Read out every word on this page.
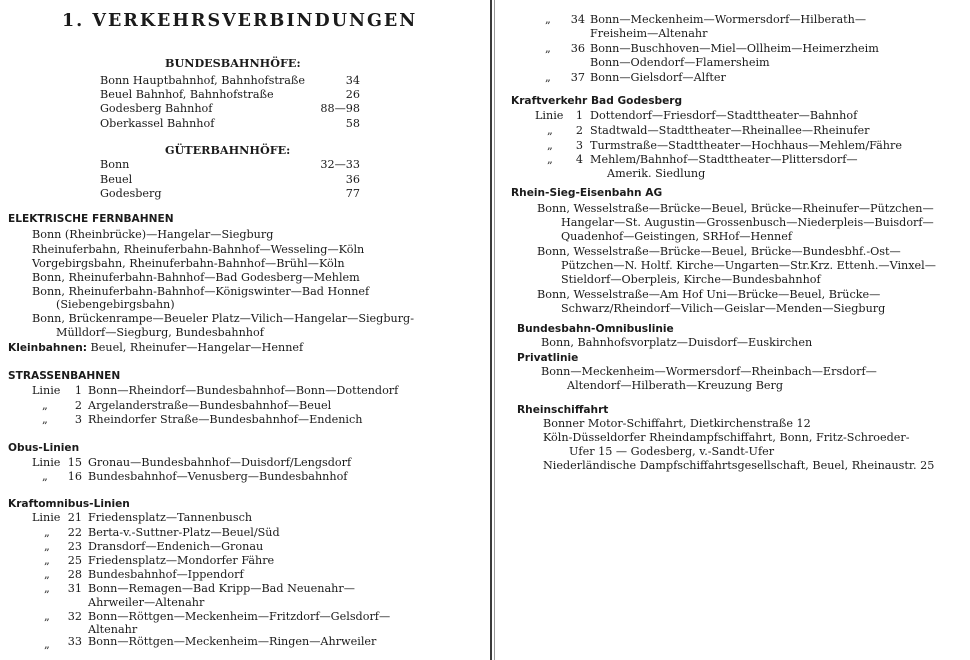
1. VERKEHRSVERBINDUNGEN
BUNDESBAHNHÖFE:
Bonn Hauptbahnhof, Bahnhofstraße	34
Beuel Bahnhof, Bahnhofstraße	26
Godesberg Bahnhof	88—98
Oberkassel Bahnhof	58
GÜTERBAHNHÖFE:
Bonn	32—33
Beuel	36
Godesberg	77
ELEKTRISCHE FERNBAHNEN
Bonn (Rheinbrücke)—Hangelar—Siegburg
Rheinuferbahn, Rheinuferbahn-Bahnhof—Wesseling—Köln
Vorgebirgsbahn, Rheinuferbahn-Bahnhof—Brühl—Köln
Bonn, Rheinuferbahn-Bahnhof—Bad Godesberg—Mehlem
Bonn, Rheinuferbahn-Bahnhof—Königswinter—Bad Honnef
(Siebengebirgsbahn)
Bonn, Brückenrampe—Beueler Platz—Vilich—Hangelar—Siegburg-
Mülldorf—Siegburg, Bundesbahnhof
Kleinbahnen: Beuel, Rheinufer—Hangelar—Hennef
STRASSENBAHNEN
Linie	1 Bonn—Rheindorf—Bundesbahnhof—Bonn—Dottendorf
„	2 Argelanderstraße—Bundesbahnhof—Beuel
„	3 Rheindorfer Straße—Bundesbahnhof—Endenich
Obus-Linien
Linie 15 Gronau—Bundesbahnhof—Duisdorf/Lengsdorf
„	16 Bundesbahnhof—Venusberg—Bundesbahnhof
Kraftomnibus-Linien
Linie 21 Friedensplatz—Tannenbusch
„	22 Berta-v.-Suttner-Platz—Beuel/Süd
„	23 Dransdorf—Endenich—Gronau
„	25 Friedensplatz—Mondorfer Fähre
„	28 Bundesbahnhof—Ippendorf
„	31 Bonn—Remagen—Bad Kripp—Bad Neuenahr—
Ahrweiler—Altenahr
„	32 Bonn—Röttgen—Meckenheim—Fritzdorf—Gelsdorf—
Altenahr
„	33 Bonn—Röttgen—Meckenheim—Ringen—Ahrweiler
„	34 Bonn—Meckenheim—Wormersdorf—Hilberath—
Freisheim—Altenahr
„	36 Bonn—Buschhoven—Miel—Ollheim—Heimerzheim
Bonn—Odendorf—Flamersheim
„	37 Bonn—Gielsdorf—Alfter
Kraftverkehr Bad Godesberg
Linie	1 Dottendorf—Friesdorf—Stadttheater—Bahnhof
„	2 Stadtwald—Stadttheater—Rheinallee—Rheinufer
„	3 Turmstraße—Stadttheater—Hochhaus—Mehlem/Fähre
„	4 Mehlem/Bahnhof—Stadttheater—Plittersdorf—
Amerik. Siedlung
Rhein-Sieg-Eisenbahn AG
Bonn, Wesselstraße—Brücke—Beuel, Brücke—Rheinufer—Pützchen—
Hangelar—St. Augustin—Grossenbusch—Niederpleis—Buisdorf—
Quadenhof—Geistingen, SRHof—Hennef
Bonn, Wesselstraße—Brücke—Beuel, Brücke—Bundesbhf.-Ost—
Pützchen—N. Holtf. Kirche—Ungarten—Str.Krz. Ettenh.—Vinxel—
Stieldorf—Oberpleis, Kirche—Bundesbahnhof
Bonn, Wesselstraße—Am Hof Uni—Brücke—Beuel, Brücke—
Schwarz/Rheindorf—Vilich—Geislar—Menden—Siegburg
Bundesbahn-Omnibuslinie
Bonn, Bahnhofsvorplatz—Duisdorf—Euskirchen
Privatlinie
Bonn—Meckenheim—Wormersdorf—Rheinbach—Ersdorf—
Altendorf—Hilberath—Kreuzung Berg
Rheinschiffahrt
Bonner Motor-Schiffahrt, Dietkirchenstraße 12
Köln-Düsseldorfer Rheindampfschiffahrt, Bonn, Fritz-Schroeder-
Ufer 15 — Godesberg, v.-Sandt-Ufer
Niederländische Dampfschiffahrtsgesellschaft, Beuel, Rheinaustr. 25
